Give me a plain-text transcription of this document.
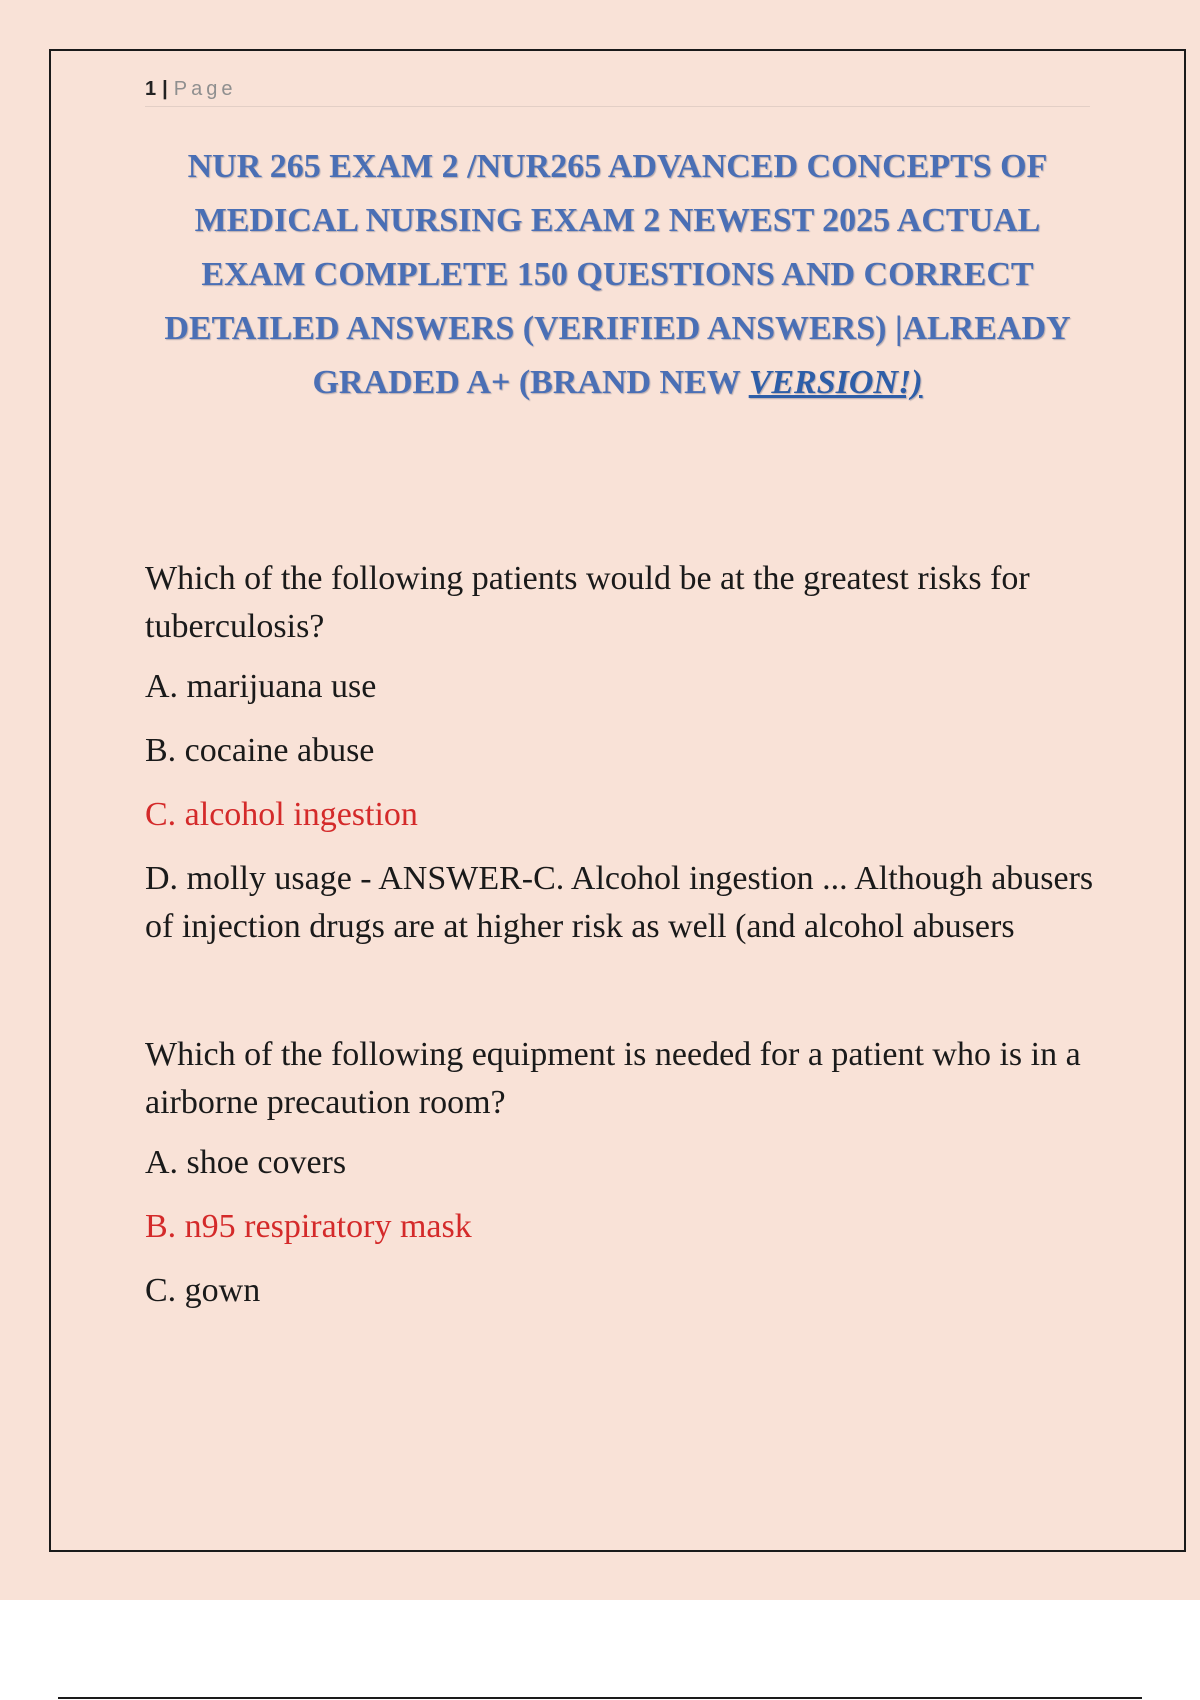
1 | Page
NUR 265 EXAM 2 /NUR265 ADVANCED CONCEPTS OF MEDICAL NURSING EXAM 2 NEWEST 2025 ACTUAL EXAM COMPLETE 150 QUESTIONS AND CORRECT DETAILED ANSWERS (VERIFIED ANSWERS) |ALREADY GRADED A+ (BRAND NEW VERSION!)
Which of the following patients would be at the greatest risks for tuberculosis?
A. marijuana use
B. cocaine abuse
C. alcohol ingestion
D. molly usage - ANSWER-C. Alcohol ingestion ... Although abusers of injection drugs are at higher risk as well (and alcohol abusers
Which of the following equipment is needed for a patient who is in a airborne precaution room?
A. shoe covers
B. n95 respiratory mask
C. gown
